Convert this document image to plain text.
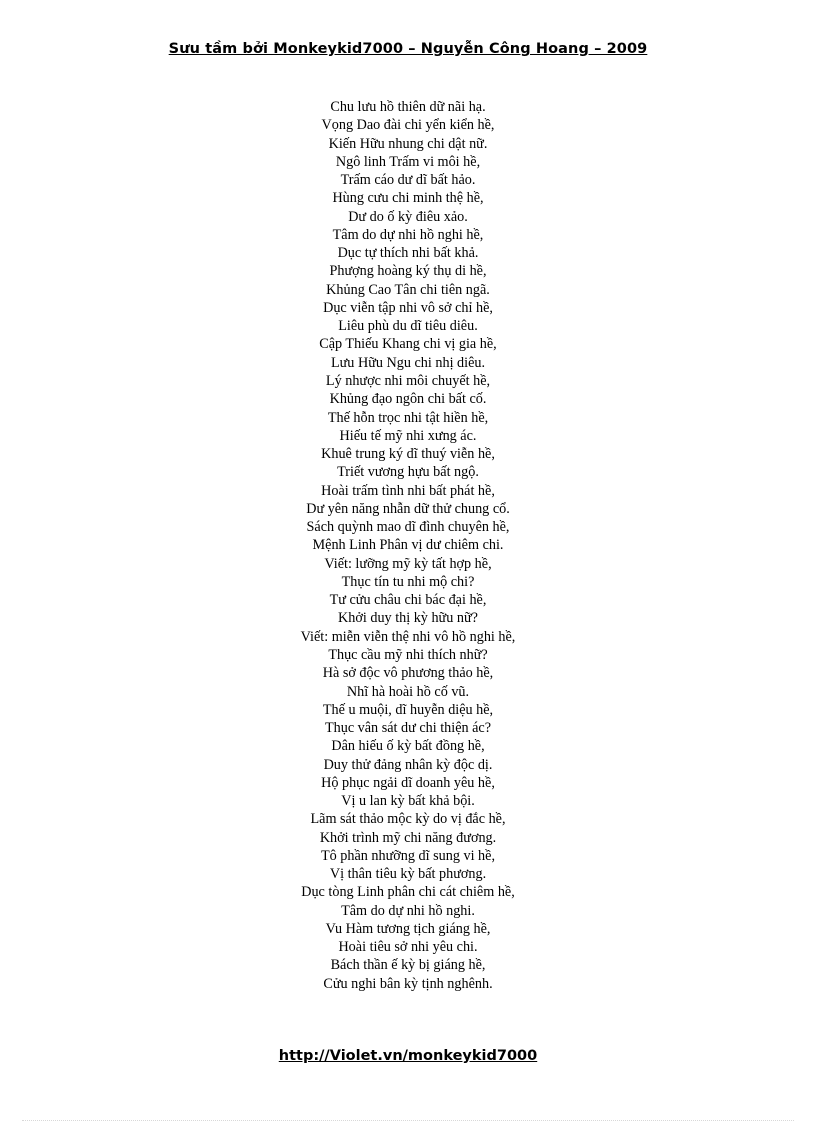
Sưu tầm bởi Monkeykid7000 – Nguyễn Công Hoang – 2009
Chu lưu hồ thiên dữ nãi hạ.
Vọng Dao đài chi yển kiển hề,
Kiến Hữu nhung chi dật nữ.
Ngô linh Trấm vi môi hề,
Trấm cáo dư dĩ bất hảo.
Hùng cưu chi minh thệ hề,
Dư do ố kỳ điêu xảo.
Tâm do dự nhi hồ nghi hề,
Dục tự thích nhi bất khả.
Phượng hoàng ký thụ di hề,
Khủng Cao Tân chi tiên ngã.
Dục viễn tập nhi vô sở chỉ hề,
Liêu phù du dĩ tiêu diêu.
Cập Thiếu Khang chi vị gia hề,
Lưu Hữu Ngu chi nhị diêu.
Lý nhược nhi môi chuyết hề,
Khủng đạo ngôn chi bất cố.
Thế hỗn trọc nhi tật hiền hề,
Hiếu tế mỹ nhi xưng ác.
Khuê trung ký dĩ thuý viễn hề,
Triết vương hựu bất ngộ.
Hoài trấm tình nhi bất phát hề,
Dư yên năng nhẫn dữ thử chung cổ.
Sách quỳnh mao dĩ đình chuyên hề,
Mệnh Linh Phân vị dư chiêm chi.
Viết: lưỡng mỹ kỳ tất hợp hề,
Thục tín tu nhi mộ chi?
Tư cửu châu chi bác đại hề,
Khởi duy thị kỳ hữu nữ?
Viết: miễn viễn thệ nhi vô hồ nghi hề,
Thục cầu mỹ nhi thích nhữ?
Hà sở độc vô phương thảo hề,
Nhĩ hà hoài hồ cố vũ.
Thế u muội, dĩ huyễn diệu hề,
Thục vân sát dư chi thiện ác?
Dân hiếu ố kỳ bất đồng hề,
Duy thử đảng nhân kỳ độc dị.
Hộ phục ngải dĩ doanh yêu hề,
Vị u lan kỳ bất khả bội.
Lãm sát thảo mộc kỳ do vị đắc hề,
Khởi trình mỹ chi năng đương.
Tô phần nhưỡng dĩ sung vi hề,
Vị thân tiêu kỳ bất phương.
Dục tòng Linh phân chi cát chiêm hề,
Tâm do dự nhi hồ nghi.
Vu Hàm tương tịch giáng hề,
Hoài tiêu sở nhi yêu chi.
Bách thần ế kỳ bị giáng hề,
Cửu nghi bân kỳ tịnh nghênh.
http://Violet.vn/monkeykid7000
